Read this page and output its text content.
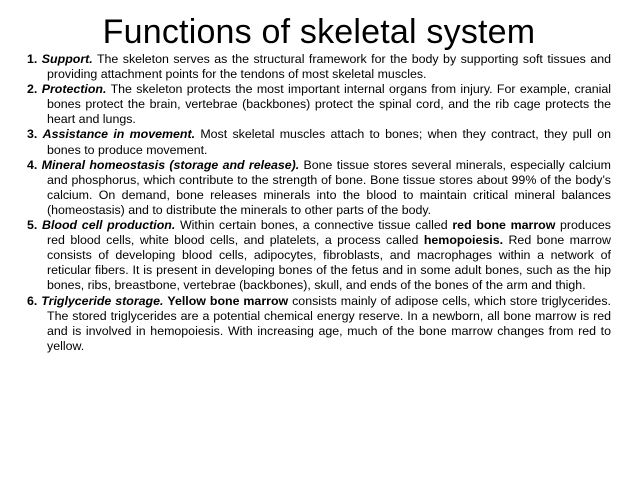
Functions of skeletal system
1. Support. The skeleton serves as the structural framework for the body by supporting soft tissues and providing attachment points for the tendons of most skeletal muscles.
2. Protection. The skeleton protects the most important internal organs from injury. For example, cranial bones protect the brain, vertebrae (backbones) protect the spinal cord, and the rib cage protects the heart and lungs.
3. Assistance in movement. Most skeletal muscles attach to bones; when they contract, they pull on bones to produce movement.
4. Mineral homeostasis (storage and release). Bone tissue stores several minerals, especially calcium and phosphorus, which contribute to the strength of bone. Bone tissue stores about 99% of the body’s calcium. On demand, bone releases minerals into the blood to maintain critical mineral balances (homeostasis) and to distribute the minerals to other parts of the body.
5. Blood cell production. Within certain bones, a connective tissue called red bone marrow produces red blood cells, white blood cells, and platelets, a process called hemopoiesis. Red bone marrow consists of developing blood cells, adipocytes, fibroblasts, and macrophages within a network of reticular fibers. It is present in developing bones of the fetus and in some adult bones, such as the hip bones, ribs, breastbone, vertebrae (backbones), skull, and ends of the bones of the arm and thigh.
6. Triglyceride storage. Yellow bone marrow consists mainly of adipose cells, which store triglycerides. The stored triglycerides are a potential chemical energy reserve. In a newborn, all bone marrow is red and is involved in hemopoiesis. With increasing age, much of the bone marrow changes from red to yellow.
